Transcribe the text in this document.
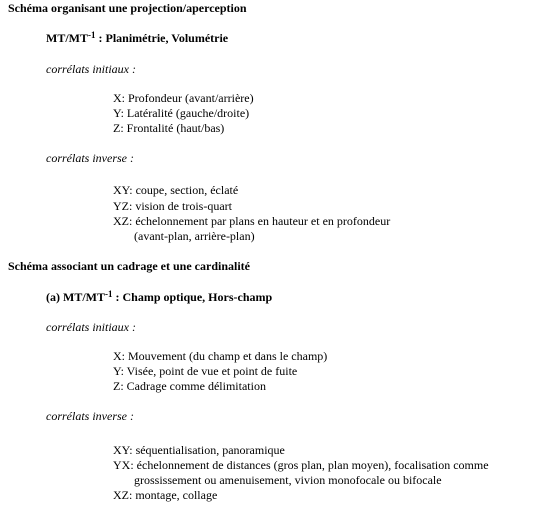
Schéma organisant une projection/aperception
$MT/MT^{-1}$ : Planimétrie, Volumétrie
corrélats initiaux :
X: Profondeur (avant/arrière)
Y: Latéralité (gauche/droite)
Z: Frontalité (haut/bas)
corrélats inverse :
XY: coupe, section, éclaté
YZ: vision de trois-quart
XZ: échelonnement par plans en hauteur et en profondeur
(avant-plan, arrière-plan)
Schéma associant un cadrage et une cardinalité
(a) $MT/MT^{-1}$ : Champ optique, Hors-champ
corrélats initiaux :
X: Mouvement (du champ et dans le champ)
Y: Visée, point de vue et point de fuite
Z: Cadrage comme délimitation
corrélats inverse :
XY: séquentialisation, panoramique
YX: échelonnement de distances (gros plan, plan moyen), focalisation comme
grossissement ou amenuisement, vivion monofocale ou bifocale
XZ: montage, collage
